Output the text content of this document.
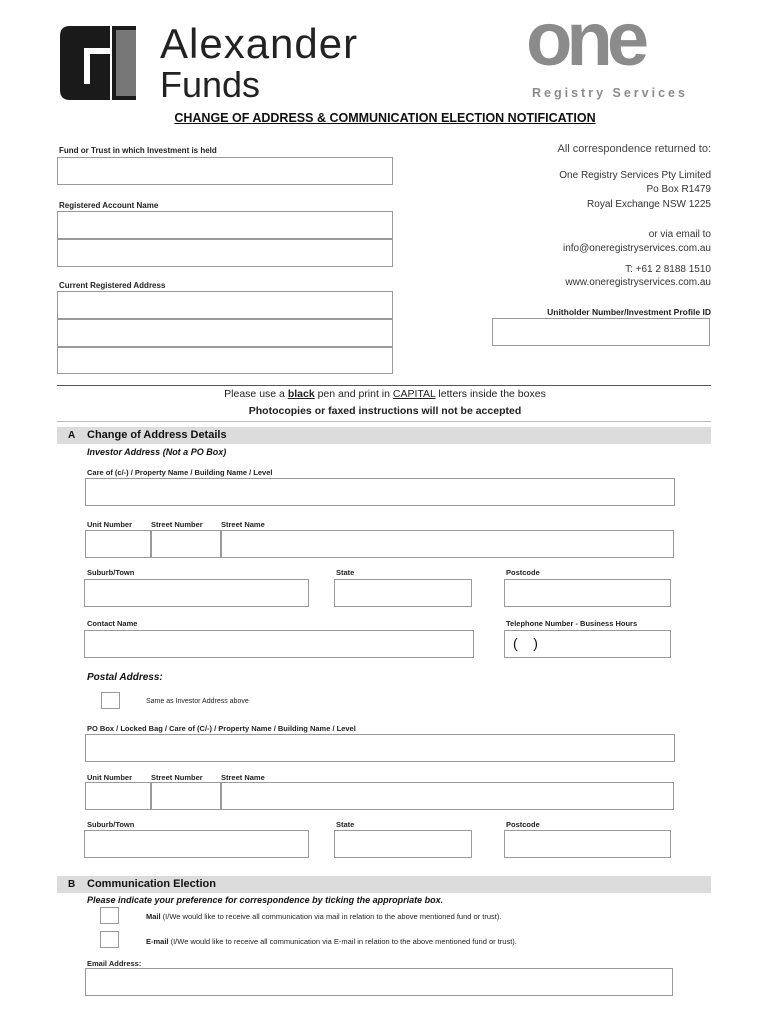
Alexander
Funds
one
Registry Services
CHANGE OF ADDRESS & COMMUNICATION ELECTION NOTIFICATION
Fund or Trust in which Investment is held
Registered Account Name
Current Registered Address
All correspondence returned to:
One Registry Services Pty Limited
Po Box R1479
Royal Exchange NSW 1225
or via email to
info@oneregistryservices.com.au
T: +61 2 8188 1510
www.oneregistryservices.com.au
Unitholder Number/Investment Profile ID
Please use a black pen and print in CAPITAL letters inside the boxes
Photocopies or faxed instructions will not be accepted
A Change of Address Details
Investor Address (Not a PO Box)
Care of (c/-) / Property Name / Building Name / Level
Unit Number	Street Number Street Name
Suburb/Town	State	Postcode
Contact Name	Telephone Number - Business Hours
(    )
Postal Address:
Same as Investor Address above
PO Box / Locked Bag / Care of (C/-) / Property Name / Building Name / Level
Unit Number	Street Number Street Name
Suburb/Town	State	Postcode
B Communication Election
Please indicate your preference for correspondence by ticking the appropriate box.
Mail (I/We would like to receive all communication via mail in relation to the above mentioned fund or trust).
E-mail (I/We would like to receive all communication via E-mail in relation to the above mentioned fund or trust).
Email Address:
